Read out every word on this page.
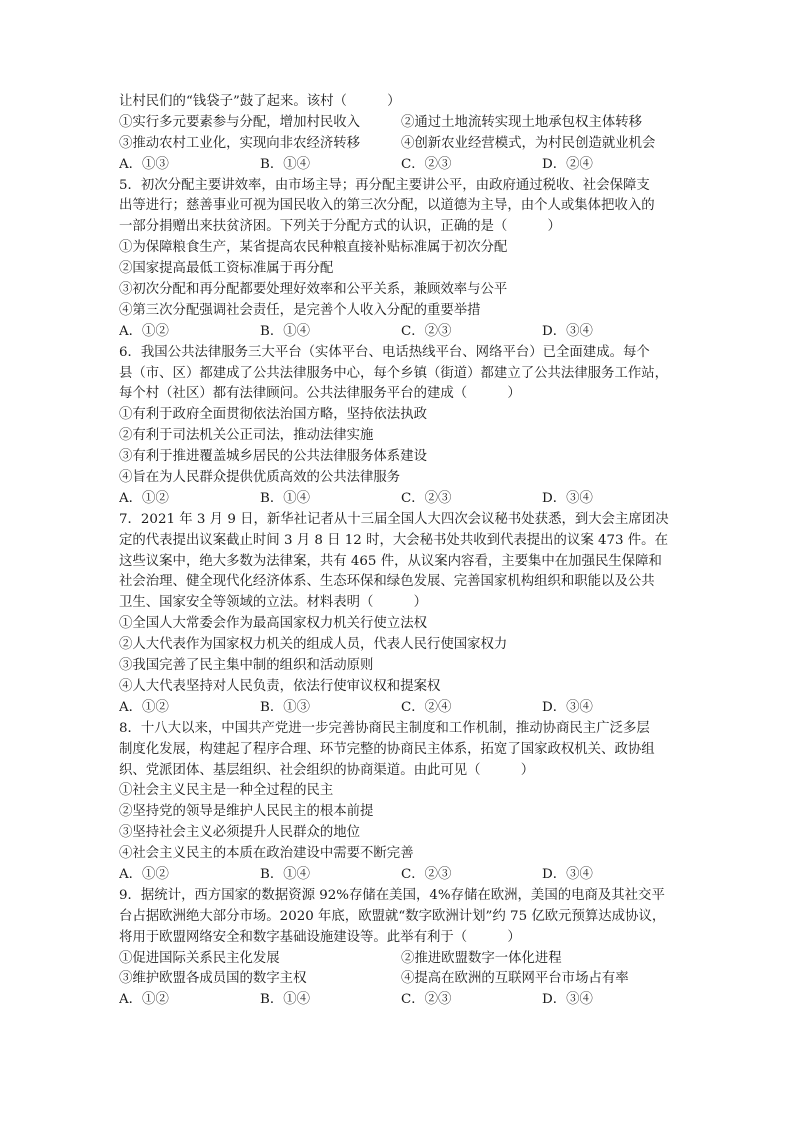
让村民们的“钱袋子”鼓了起来。该村（　　　）
①实行多元要素参与分配，增加村民收入	②通过土地流转实现土地承包权主体转移
③推动农村工业化，实现向非农经济转移	④创新农业经营模式，为村民创造就业机会
A．①③	B．①④	C．②③	D．②④
5．初次分配主要讲效率，由市场主导；再分配主要讲公平，由政府通过税收、社会保障支
出等进行；慈善事业可视为国民收入的第三次分配，以道德为主导，由个人或集体把收入的
一部分捐赠出来扶贫济困。下列关于分配方式的认识，正确的是（　　　）
①为保障粮食生产，某省提高农民种粮直接补贴标准属于初次分配
②国家提高最低工资标准属于再分配
③初次分配和再分配都要处理好效率和公平关系，兼顾效率与公平
④第三次分配强调社会责任，是完善个人收入分配的重要举措
A．①②	B．①④	C．②③	D．③④
6．我国公共法律服务三大平台（实体平台、电话热线平台、网络平台）已全面建成。每个
县（市、区）都建成了公共法律服务中心，每个乡镇（街道）都建立了公共法律服务工作站，
每个村（社区）都有法律顾问。公共法律服务平台的建成（　　　）
①有利于政府全面贯彻依法治国方略，坚持依法执政
②有利于司法机关公正司法，推动法律实施
③有利于推进覆盖城乡居民的公共法律服务体系建设
④旨在为人民群众提供优质高效的公共法律服务
A．①②	B．①④	C．②③	D．③④
7．2021 年 3 月 9 日，新华社记者从十三届全国人大四次会议秘书处获悉，到大会主席团决
定的代表提出议案截止时间 3 月 8 日 12 时，大会秘书处共收到代表提出的议案 473 件。在
这些议案中，绝大多数为法律案，共有 465 件，从议案内容看，主要集中在加强民生保障和
社会治理、健全现代化经济体系、生态环保和绿色发展、完善国家机构组织和职能以及公共
卫生、国家安全等领域的立法。材料表明（　　　）
①全国人大常委会作为最高国家权力机关行使立法权
②人大代表作为国家权力机关的组成人员，代表人民行使国家权力
③我国完善了民主集中制的组织和活动原则
④人大代表坚持对人民负责，依法行使审议权和提案权
A．①②	B．①③	C．②④	D．③④
8．十八大以来，中国共产党进一步完善协商民主制度和工作机制，推动协商民主广泛多层
制度化发展，构建起了程序合理、环节完整的协商民主体系，拓宽了国家政权机关、政协组
织、党派团体、基层组织、社会组织的协商渠道。由此可见（　　　）
①社会主义民主是一种全过程的民主
②坚持党的领导是维护人民民主的根本前提
③坚持社会主义必须提升人民群众的地位
④社会主义民主的本质在政治建设中需要不断完善
A．①②	B．①④	C．②③	D．③④
9．据统计，西方国家的数据资源 92%存储在美国，4%存储在欧洲，美国的电商及其社交平
台占据欧洲绝大部分市场。2020 年底，欧盟就“数字欧洲计划”约 75 亿欧元预算达成协议，
将用于欧盟网络安全和数字基础设施建设等。此举有利于（　　　）
①促进国际关系民主化发展	②推进欧盟数字一体化进程
③维护欧盟各成员国的数字主权	④提高在欧洲的互联网平台市场占有率
A．①②	B．①④	C．②③	D．③④
